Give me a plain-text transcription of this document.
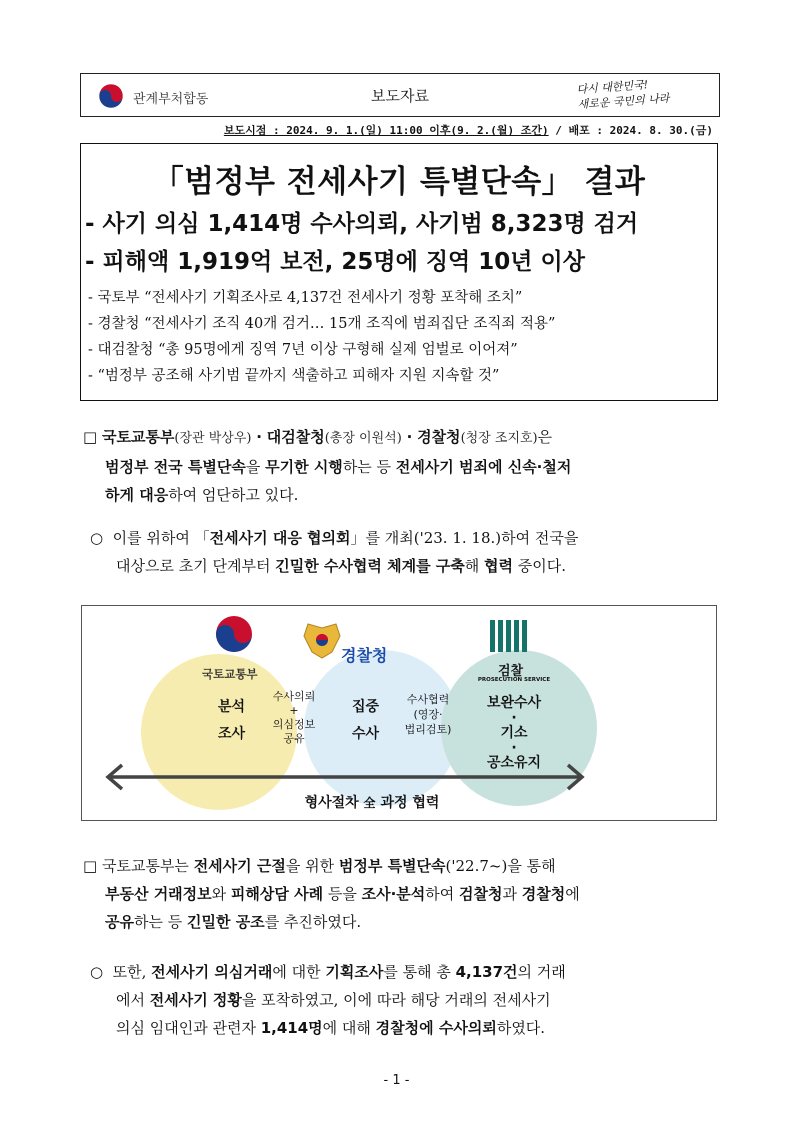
관계부처합동	보도자료	다시 대한민국!
새로운 국민의 나라
보도시점 : 2024. 9. 1.(일) 11:00 이후(9. 2.(월) 조간) / 배포 : 2024. 8. 30.(금)
「범정부 전세사기 특별단속」 결과
- 사기 의심 1,414명 수사의뢰, 사기범 8,323명 검거
- 피해액 1,919억 보전, 25명에 징역 10년 이상
- 국토부 “전세사기 기획조사로 4,137건 전세사기 정황 포착해 조치”
- 경찰청 “전세사기 조직 40개 검거… 15개 조직에 범죄집단 조직죄 적용”
- 대검찰청 “총 95명에게 징역 7년 이상 구형해 실제 엄벌로 이어져”
- “범정부 공조해 사기범 끝까지 색출하고 피해자 지원 지속할 것”
□ 국토교통부(장관 박상우) · 대검찰청(총장 이원석) · 경찰청(청장 조지호)은
범정부 전국 특별단속을 무기한 시행하는 등 전세사기 범죄에 신속·철저
하게 대응하여 엄단하고 있다.
○ 이를 위하여 「전세사기 대응 협의회」를 개최('23. 1. 18.)하여 전국을
대상으로 초기 단계부터 긴밀한 수사협력 체계를 구축해 협력 중이다.
국토교통부
경찰청
검찰
PROSECUTION SERVICE
분석
조사
수사의뢰
+
의심정보
공유
집중
수사
수사협력
(영장·
법리검토)
보완수사
·
기소
·
공소유지
형사절차 全 과정 협력
□ 국토교통부는 전세사기 근절을 위한 범정부 특별단속('22.7~)을 통해
부동산 거래정보와 피해상담 사례 등을 조사·분석하여 검찰청과 경찰청에
공유하는 등 긴밀한 공조를 추진하였다.
○ 또한, 전세사기 의심거래에 대한 기획조사를 통해 총 4,137건의 거래
에서 전세사기 정황을 포착하였고, 이에 따라 해당 거래의 전세사기
의심 임대인과 관련자 1,414명에 대해 경찰청에 수사의뢰하였다.
- 1 -
